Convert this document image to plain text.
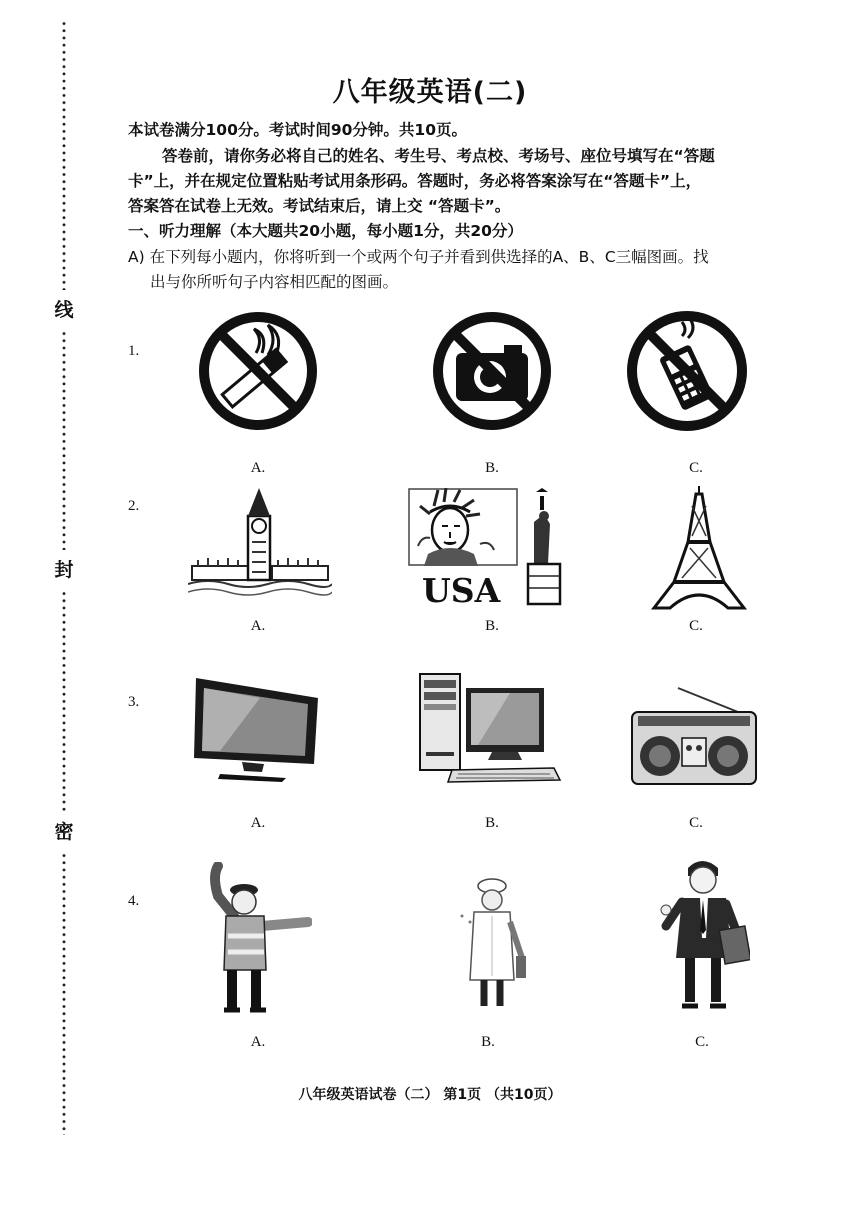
线
封
密
八年级英语(二)
本试卷满分100分。考试时间90分钟。共10页。
答卷前，请你务必将自己的姓名、考生号、考点校、考场号、座位号填写在“答题
卡”上，并在规定位置粘贴考试用条形码。答题时，务必将答案涂写在“答题卡”上，
答案答在试卷上无效。考试结束后，请上交 “答题卡”。
一、听力理解（本大题共20小题，每小题1分，共20分）
A) 在下列每小题内，你将听到一个或两个句子并看到供选择的A、B、C三幅图画。找
出与你所听句子内容相匹配的图画。
1.
A.	B.	C.
2.
USA
A.	B.	C.
3.
A.	B.	C.
4.
A.	B.	C.
八年级英语试卷（二） 第1页 （共10页）
